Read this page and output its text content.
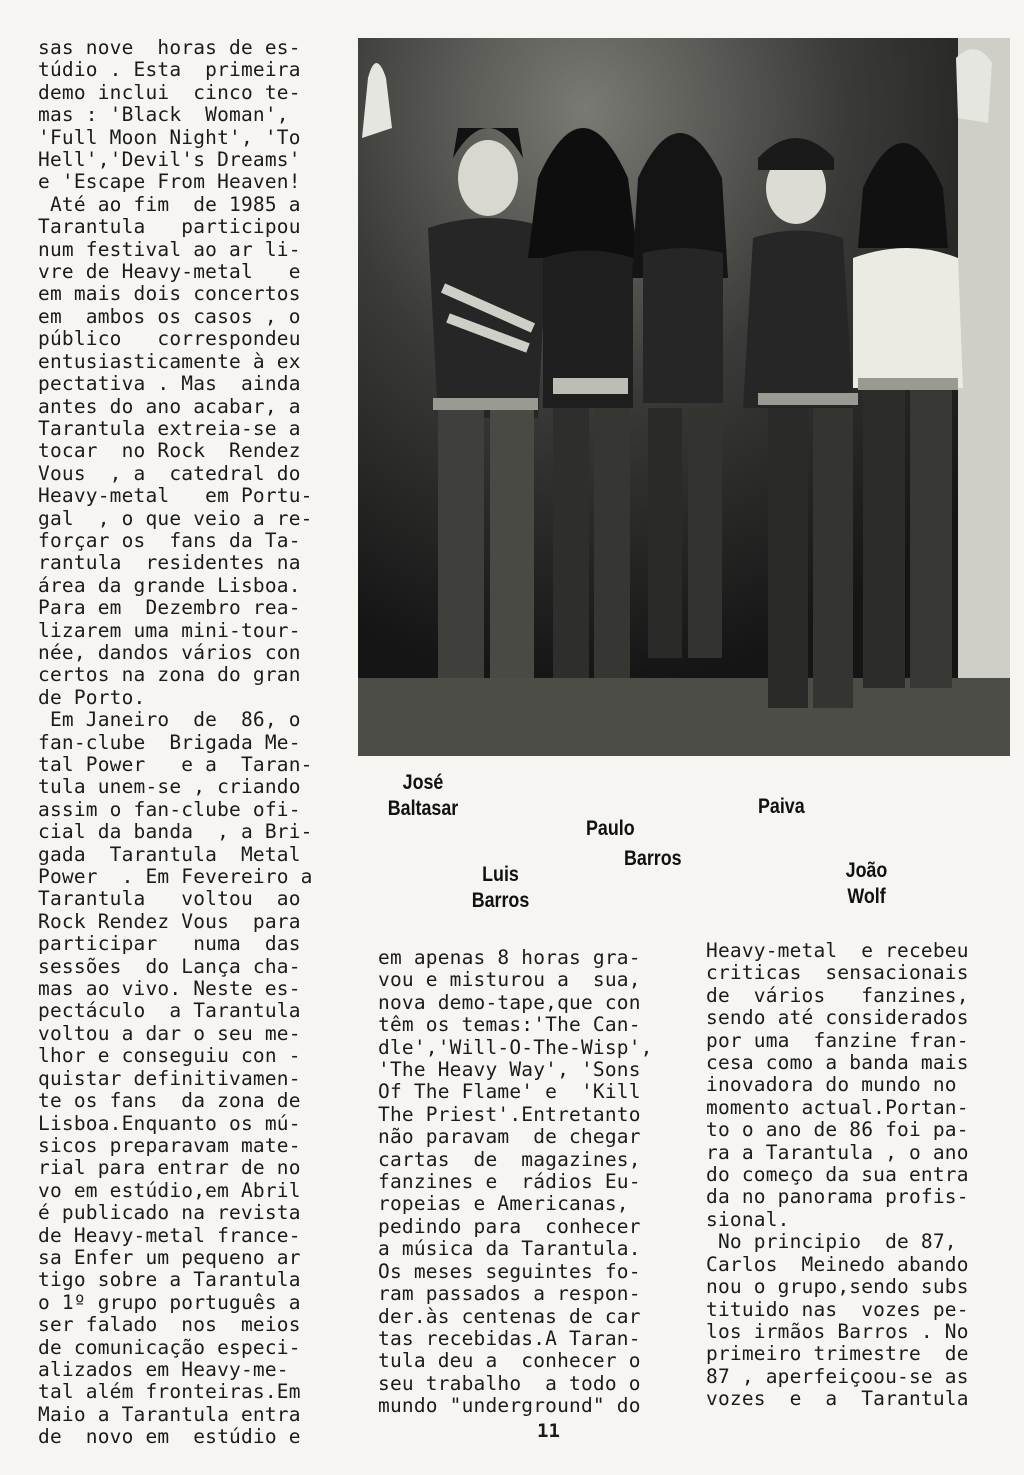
sas nove  horas de es-
túdio . Esta  primeira
demo inclui  cinco te-
mas : 'Black  Woman',
'Full Moon Night', 'To
Hell','Devil's Dreams'
e 'Escape From Heaven!
Até ao fim  de 1985 a
Tarantula   participou
num festival ao ar li-
vre de Heavy-metal   e
em mais dois concertos
em  ambos os casos , o
público   correspondeu
entusiasticamente à ex
pectativa . Mas  ainda
antes do ano acabar, a
Tarantula extreia-se a
tocar  no Rock  Rendez
Vous  , a  catedral do
Heavy-metal   em Portu-
gal  , o que veio a re-
forçar os  fans da Ta-
rantula  residentes na
área da grande Lisboa.
Para em  Dezembro rea-
lizarem uma mini-tour-
née, dandos vários con
certos na zona do gran
de Porto.
Em Janeiro  de  86, o
fan-clube  Brigada Me-
tal Power   e a  Taran-
tula unem-se , criando
assim o fan-clube ofi-
cial da banda  , a Bri-
gada  Tarantula  Metal
Power  . Em Fevereiro a
Tarantula   voltou  ao
Rock Rendez Vous  para
participar   numa  das
sessões  do Lança cha-
mas ao vivo. Neste es-
pectáculo  a Tarantula
voltou a dar o seu me-
lhor e conseguiu con -
quistar definitivamen-
te os fans  da zona de
Lisboa.Enquanto os mú-
sicos preparavam mate-
rial para entrar de no
vo em estúdio,em Abril
é publicado na revista
de Heavy-metal france-
sa Enfer um pequeno ar
tigo sobre a Tarantula
o 1º grupo português a
ser falado  nos  meios
de comunicação especi-
alizados em Heavy-me-
tal além fronteiras.Em
Maio a Tarantula entra
de  novo em  estúdio e
José
Baltasar
Luis
Barros
Paulo
Barros
Paiva
João
Wolf
em apenas 8 horas gra-
vou e misturou a  sua,
nova demo-tape,que con
têm os temas:'The Can-
dle','Will-O-The-Wisp',
'The Heavy Way', 'Sons
Of The Flame' e  'Kill
The Priest'.Entretanto
não paravam  de chegar
cartas  de  magazines,
fanzines e  rádios Eu-
ropeias e Americanas,
pedindo para  conhecer
a música da Tarantula.
Os meses seguintes fo-
ram passados a respon-
der.às centenas de car
tas recebidas.A Taran-
tula deu a  conhecer o
seu trabalho  a todo o
mundo "underground" do
Heavy-metal  e recebeu
criticas  sensacionais
de  vários   fanzines,
sendo até considerados
por uma  fanzine fran-
cesa como a banda mais
inovadora do mundo no
momento actual.Portan-
to o ano de 86 foi pa-
ra a Tarantula , o ano
do começo da sua entra
da no panorama profis-
sional.
No principio  de 87,
Carlos  Meinedo abando
nou o grupo,sendo subs
tituido nas  vozes pe-
los irmãos Barros . No
primeiro trimestre  de
87 , aperfeiçoou-se as
vozes  e  a  Tarantula
11
